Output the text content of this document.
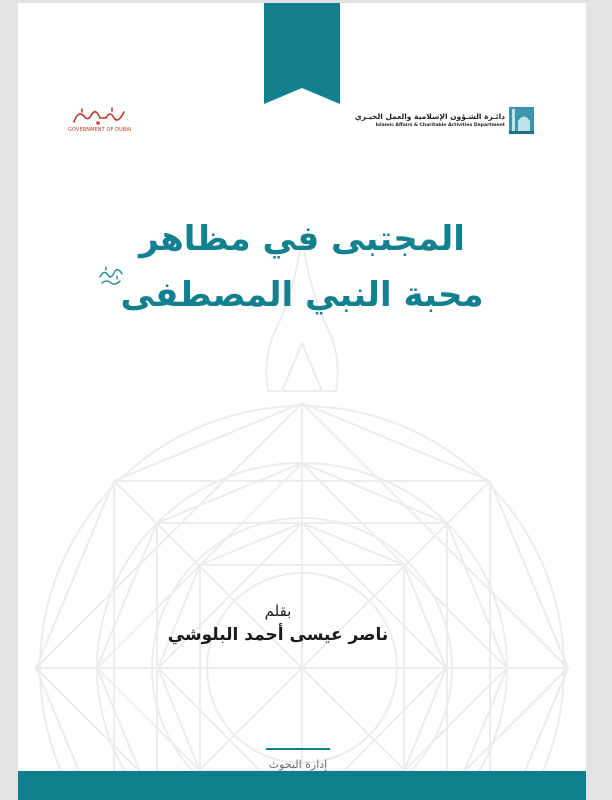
GOVERNMENT OF DUBAI
دائـرة الشـؤون الإسلامية والعمل الخيـري
Islamic Affairs & Charitable Activities Department
المجتبى في مظاهر
محبة النبي المصطفى
بقلم
ناصر عيسى أحمد البلوشي
إدارة البحوث
